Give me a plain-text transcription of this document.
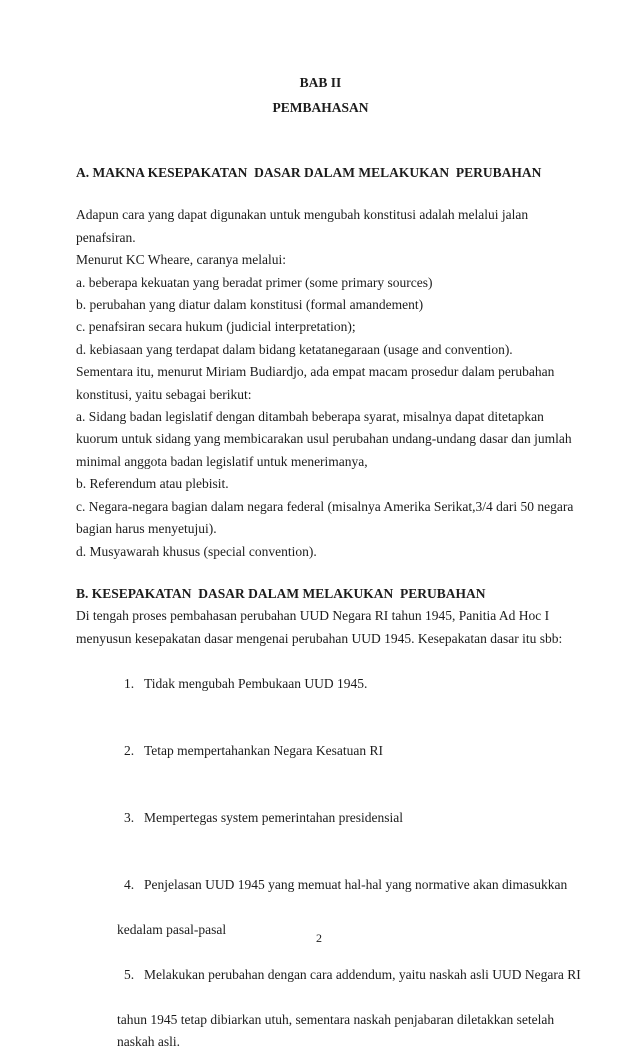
BAB II
PEMBAHASAN
A. MAKNA KESEPAKATAN  DASAR DALAM MELAKUKAN  PERUBAHAN
Adapun cara yang dapat digunakan untuk mengubah konstitusi adalah melalui jalan
penafsiran.
Menurut KC Wheare, caranya melalui:
a. beberapa kekuatan yang beradat primer (some primary sources)
b. perubahan yang diatur dalam konstitusi (formal amandement)
c. penafsiran secara hukum (judicial interpretation);
d. kebiasaan yang terdapat dalam bidang ketatanegaraan (usage and convention).
Sementara itu, menurut Miriam Budiardjo, ada empat macam prosedur dalam perubahan
konstitusi, yaitu sebagai berikut:
a. Sidang badan legislatif dengan ditambah beberapa syarat, misalnya dapat ditetapkan
kuorum untuk sidang yang membicarakan usul perubahan undang-undang dasar dan jumlah
minimal anggota badan legislatif untuk menerimanya,
b. Referendum atau plebisit.
c. Negara-negara bagian dalam negara federal (misalnya Amerika Serikat,3/4 dari 50 negara
bagian harus menyetujui).
d. Musyawarah khusus (special convention).
B. KESEPAKATAN  DASAR DALAM MELAKUKAN  PERUBAHAN
Di tengah proses pembahasan perubahan UUD Negara RI tahun 1945, Panitia Ad Hoc I
menyusun kesepakatan dasar mengenai perubahan UUD 1945. Kesepakatan dasar itu sbb:

1. Tidak mengubah Pembukaan UUD 1945.

2. Tetap mempertahankan Negara Kesatuan RI

3. Mempertegas system pemerintahan presidensial

4. Penjelasan UUD 1945 yang memuat hal-hal yang normative akan dimasukkan

kedalam pasal-pasal

5. Melakukan perubahan dengan cara addendum, yaitu naskah asli UUD Negara RI

tahun 1945 tetap dibiarkan utuh, sementara naskah penjabaran diletakkan setelah
naskah asli.
2
